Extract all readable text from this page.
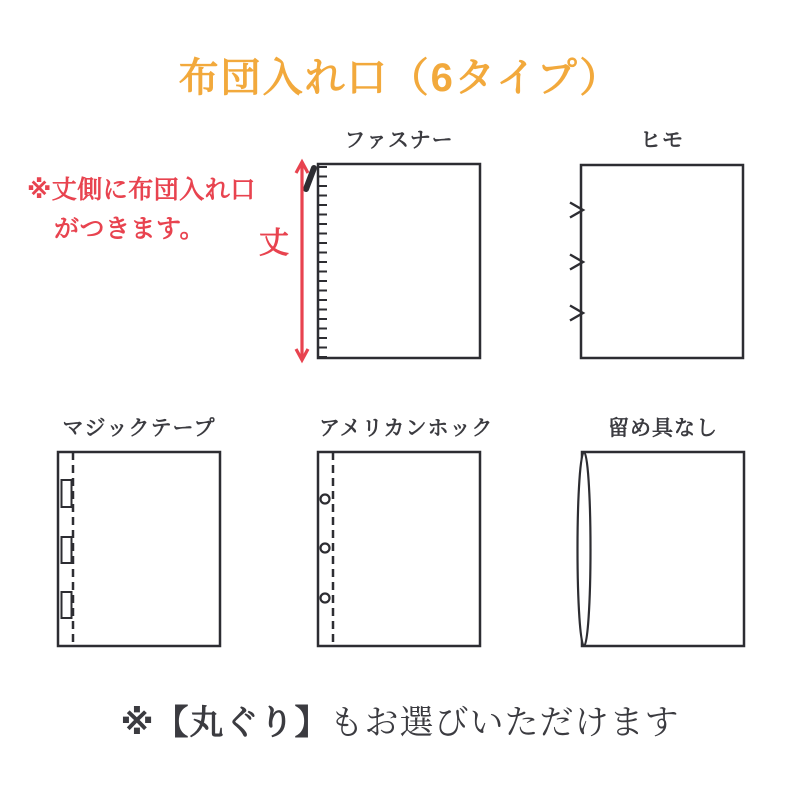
布団入れ口（6タイプ）
※丈側に布団入れ口
がつきます。	丈
ファスナー	ヒモ
マジックテープ	アメリカンホック	留め具なし
※【丸ぐり】もお選びいただけます
